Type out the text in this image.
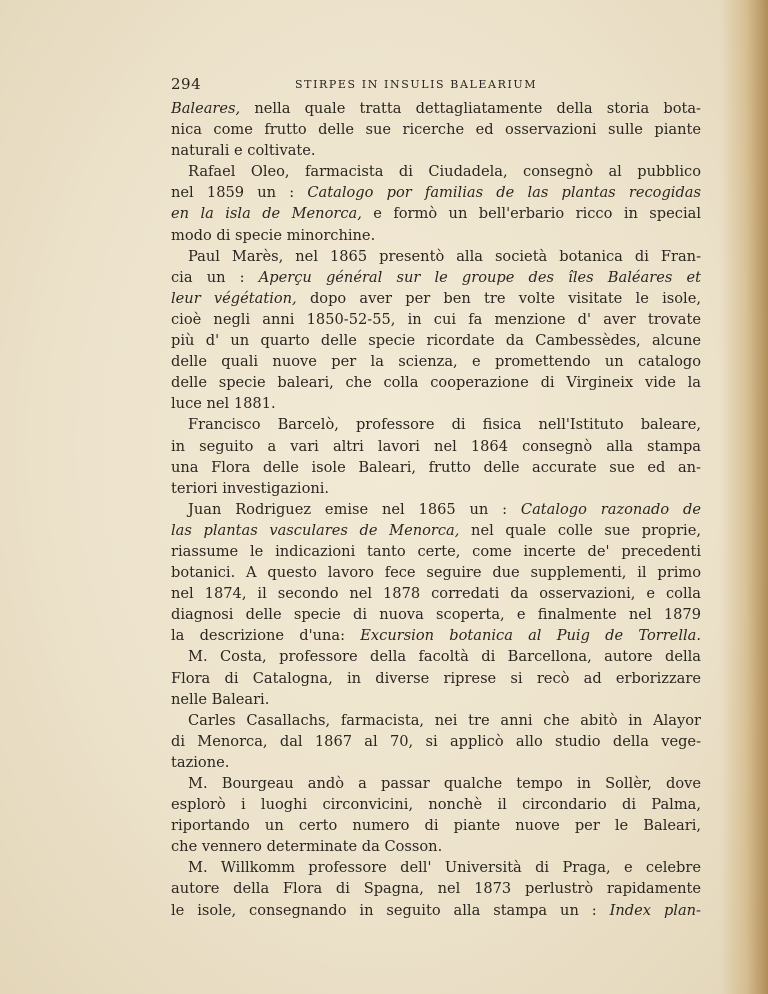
294	STIRPES IN INSULIS BALEARIUM
Baleares, nella quale tratta dettagliatamente della storia bota-
nica come frutto delle sue ricerche ed osservazioni sulle piante
naturali e coltivate.
Rafael Oleo, farmacista di Ciudadela, consegnò al pubblico
nel 1859 un : Catalogo por familias de las plantas recogidas
en la isla de Menorca, e formò un bell'erbario ricco in special
modo di specie minorchine.
Paul Marès, nel 1865 presentò alla società botanica di Fran-
cia un : Aperçu général sur le groupe des îles Baléares et
leur végétation, dopo aver per ben tre volte visitate le isole,
cioè negli anni 1850-52-55, in cui fa menzione d' aver trovate
più d' un quarto delle specie ricordate da Cambessèdes, alcune
delle quali nuove per la scienza, e promettendo un catalogo
delle specie baleari, che colla cooperazione di Virgineix vide la
luce nel 1881.
Francisco Barcelò, professore di fisica nell'Istituto baleare,
in seguito a vari altri lavori nel 1864 consegnò alla stampa
una Flora delle isole Baleari, frutto delle accurate sue ed an-
teriori investigazioni.
Juan Rodriguez emise nel 1865 un : Catalogo razonado de
las plantas vasculares de Menorca, nel quale colle sue proprie,
riassume le indicazioni tanto certe, come incerte de' precedenti
botanici. A questo lavoro fece seguire due supplementi, il primo
nel 1874, il secondo nel 1878 corredati da osservazioni, e colla
diagnosi delle specie di nuova scoperta, e finalmente nel 1879
la descrizione d'una: Excursion botanica al Puig de Torrella.
M. Costa, professore della facoltà di Barcellona, autore della
Flora di Catalogna, in diverse riprese si recò ad erborizzare
nelle Baleari.
Carles Casallachs, farmacista, nei tre anni che abitò in Alayor
di Menorca, dal 1867 al 70, si applicò allo studio della vege-
tazione.
M. Bourgeau andò a passar qualche tempo in Sollèr, dove
esplorò i luoghi circonvicini, nonchè il circondario di Palma,
riportando un certo numero di piante nuove per le Baleari,
che vennero determinate da Cosson.
M. Willkomm professore dell' Università di Praga, e celebre
autore della Flora di Spagna, nel 1873 perlustrò rapidamente
le isole, consegnando in seguito alla stampa un : Index plan-
